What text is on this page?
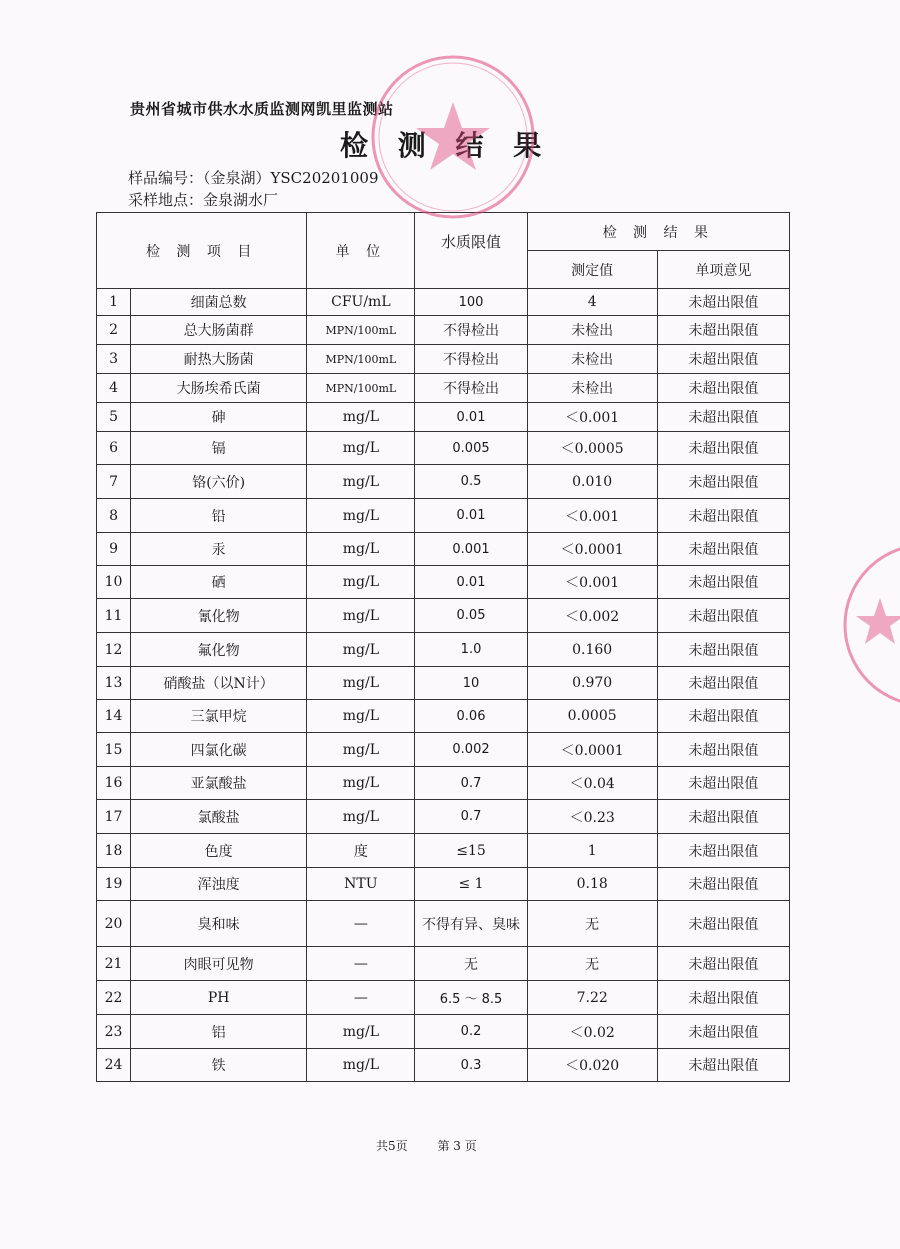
贵州省城市供水水质监测网凯里监测站
检 测 结 果
样品编号：（金泉湖）YSC20201009
采样地点：金泉湖水厂
检 测 项 目		单 位	水质限值	检 测 结 果	
				测定值	单项意见
1	细菌总数	CFU/mL	100	4	未超出限值
2	总大肠菌群	MPN/100mL	不得检出	未检出	未超出限值
3	耐热大肠菌	MPN/100mL	不得检出	未检出	未超出限值
4	大肠埃希氏菌	MPN/100mL	不得检出	未检出	未超出限值
5	砷	mg/L	0.01	＜0.001	未超出限值
6	镉	mg/L	0.005	＜0.0005	未超出限值
7	铬(六价)	mg/L	0.5	0.010	未超出限值
8	铅	mg/L	0.01	＜0.001	未超出限值
9	汞	mg/L	0.001	＜0.0001	未超出限值
10	硒	mg/L	0.01	＜0.001	未超出限值
11	氰化物	mg/L	0.05	＜0.002	未超出限值
12	氟化物	mg/L	1.0	0.160	未超出限值
13	硝酸盐（以N计）	mg/L	10	0.970	未超出限值
14	三氯甲烷	mg/L	0.06	0.0005	未超出限值
15	四氯化碳	mg/L	0.002	＜0.0001	未超出限值
16	亚氯酸盐	mg/L	0.7	＜0.04	未超出限值
17	氯酸盐	mg/L	0.7	＜0.23	未超出限值
18	色度	度	≤15	1	未超出限值
19	浑浊度	NTU	≤ 1	0.18	未超出限值
20	臭和味	—	不得有异、臭味	无	未超出限值
21	肉眼可见物	—	无	无	未超出限值
22	PH	—	6.5 ～ 8.5	7.22	未超出限值
23	铝	mg/L	0.2	＜0.02	未超出限值
24	铁	mg/L	0.3	＜0.020	未超出限值
共5页 第 3 页
